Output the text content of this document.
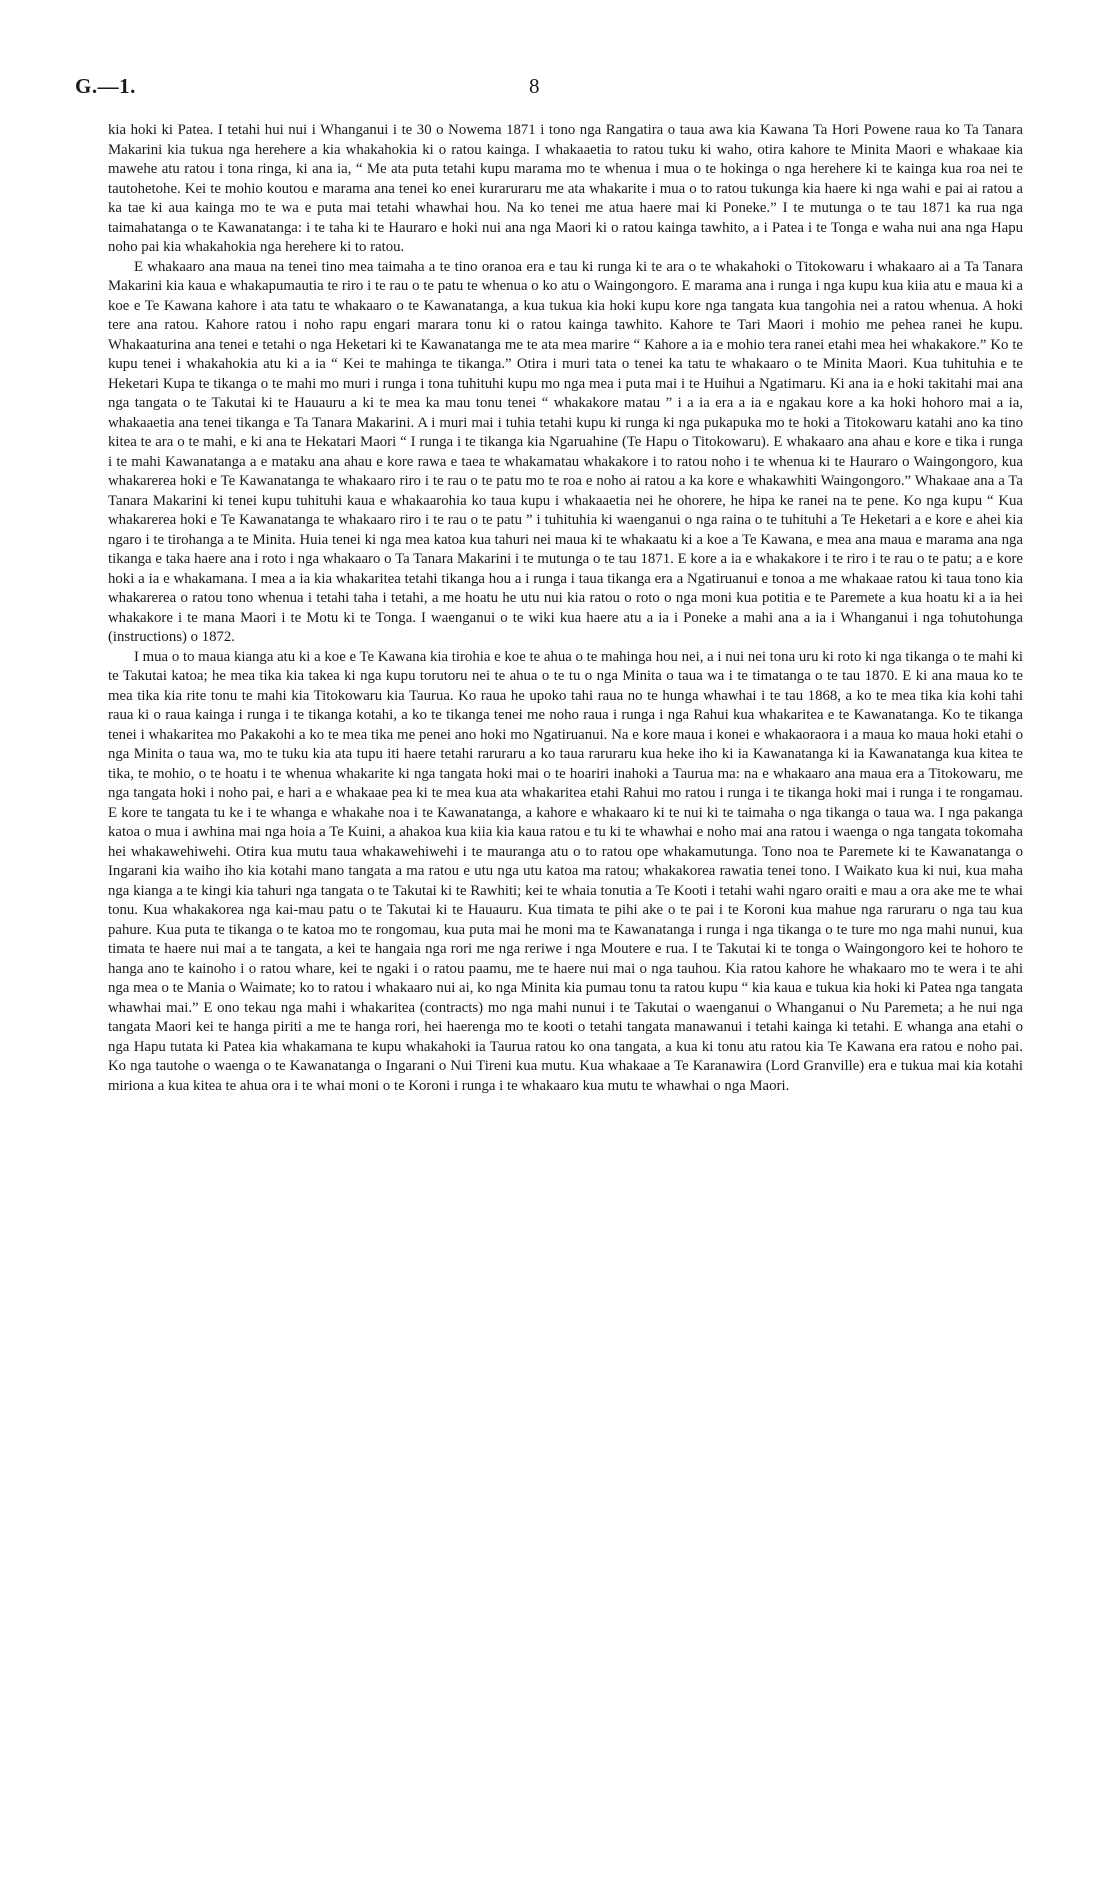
G.—1.	8

kia hoki ki Patea. I tetahi hui nui i Whanganui i te 30 o Nowema 1871 i tono nga Rangatira o taua awa kia Kawana Ta Hori Powene raua ko Ta Tanara Makarini kia tukua nga herehere a kia whakahokia ki o ratou kainga. I whakaaetia to ratou tuku ki waho, otira kahore te Minita Maori e whakaae kia mawehe atu ratou i tona ringa, ki ana ia, “ Me ata puta tetahi kupu marama mo te whenua i mua o te hokinga o nga herehere ki te kainga kua roa nei te tautohetohe. Kei te mohio koutou e marama ana tenei ko enei kuraruraru me ata whakarite i mua o to ratou tukunga kia haere ki nga wahi e pai ai ratou a ka tae ki aua kainga mo te wa e puta mai tetahi whawhai hou. Na ko tenei me atua haere mai ki Poneke.” I te mutunga o te tau 1871 ka rua nga taimahatanga o te Kawanatanga: i te taha ki te Hauraro e hoki nui ana nga Maori ki o ratou kainga tawhito, a i Patea i te Tonga e waha nui ana nga Hapu noho pai kia whakahokia nga herehere ki to ratou.

E whakaaro ana maua na tenei tino mea taimaha a te tino oranoa era e tau ki runga ki te ara o te whakahoki o Titokowaru i whakaaro ai a Ta Tanara Makarini kia kaua e whakapumautia te riro i te rau o te patu te whenua o ko atu o Waingongoro. E marama ana i runga i nga kupu kua kiia atu e maua ki a koe e Te Kawana kahore i ata tatu te whakaaro o te Kawanatanga, a kua tukua kia hoki kupu kore nga tangata kua tangohia nei a ratou whenua. A hoki tere ana ratou. Kahore ratou i noho rapu engari marara tonu ki o ratou kainga tawhito. Kahore te Tari Maori i mohio me pehea ranei he kupu. Whakaaturina ana tenei e tetahi o nga Heketari ki te Kawanatanga me te ata mea marire “ Kahore a ia e mohio tera ranei etahi mea hei whakakore.” Ko te kupu tenei i whakahokia atu ki a ia “ Kei te mahinga te tikanga.” Otira i muri tata o tenei ka tatu te whakaaro o te Minita Maori. Kua tuhituhia e te Heketari Kupa te tikanga o te mahi mo muri i runga i tona tuhituhi kupu mo nga mea i puta mai i te Huihui a Ngatimaru. Ki ana ia e hoki takitahi mai ana nga tangata o te Takutai ki te Hauauru a ki te mea ka mau tonu tenei “ whakakore matau ” i a ia era a ia e ngakau kore a ka hoki hohoro mai a ia, whakaaetia ana tenei tikanga e Ta Tanara Makarini. A i muri mai i tuhia tetahi kupu ki runga ki nga pukapuka mo te hoki a Titokowaru katahi ano ka tino kitea te ara o te mahi, e ki ana te Hekatari Maori “ I runga i te tikanga kia Ngaruahine (Te Hapu o Titokowaru). E whakaaro ana ahau e kore e tika i runga i te mahi Kawanatanga a e mataku ana ahau e kore rawa e taea te whakamatau whakakore i to ratou noho i te whenua ki te Hauraro o Waingongoro, kua whakarerea hoki e Te Kawanatanga te whakaaro riro i te rau o te patu mo te roa e noho ai ratou a ka kore e whakawhiti Waingongoro.” Whakaae ana a Ta Tanara Makarini ki tenei kupu tuhituhi kaua e whakaarohia ko taua kupu i whakaaetia nei he ohorere, he hipa ke ranei na te pene. Ko nga kupu “ Kua whakarerea hoki e Te Kawanatanga te whakaaro riro i te rau o te patu ” i tuhituhia ki waenganui o nga raina o te tuhituhi a Te Heketari a e kore e ahei kia ngaro i te tirohanga a te Minita. Huia tenei ki nga mea katoa kua tahuri nei maua ki te whakaatu ki a koe a Te Kawana, e mea ana maua e marama ana nga tikanga e taka haere ana i roto i nga whakaaro o Ta Tanara Makarini i te mutunga o te tau 1871. E kore a ia e whakakore i te riro i te rau o te patu; a e kore hoki a ia e whakamana. I mea a ia kia whakaritea tetahi tikanga hou a i runga i taua tikanga era a Ngatiruanui e tonoa a me whakaae ratou ki taua tono kia whakarerea o ratou tono whenua i tetahi taha i tetahi, a me hoatu he utu nui kia ratou o roto o nga moni kua potitia e te Paremete a kua hoatu ki a ia hei whakakore i te mana Maori i te Motu ki te Tonga. I waenganui o te wiki kua haere atu a ia i Poneke a mahi ana a ia i Whanganui i nga tohutohunga (instructions) o 1872.

I mua o to maua kianga atu ki a koe e Te Kawana kia tirohia e koe te ahua o te mahinga hou nei, a i nui nei tona uru ki roto ki nga tikanga o te mahi ki te Takutai katoa; he mea tika kia takea ki nga kupu torutoru nei te ahua o te tu o nga Minita o taua wa i te timatanga o te tau 1870. E ki ana maua ko te mea tika kia rite tonu te mahi kia Titokowaru kia Taurua. Ko raua he upoko tahi raua no te hunga whawhai i te tau 1868, a ko te mea tika kia kohi tahi raua ki o raua kainga i runga i te tikanga kotahi, a ko te tikanga tenei me noho raua i runga i nga Rahui kua whakaritea e te Kawanatanga. Ko te tikanga tenei i whakaritea mo Pakakohi a ko te mea tika me penei ano hoki mo Ngatiruanui. Na e kore maua i konei e whakaoraora i a maua ko maua hoki etahi o nga Minita o taua wa, mo te tuku kia ata tupu iti haere tetahi raruraru a ko taua raruraru kua heke iho ki ia Kawanatanga ki ia Kawanatanga kua kitea te tika, te mohio, o te hoatu i te whenua whakarite ki nga tangata hoki mai o te hoariri inahoki a Taurua ma: na e whakaaro ana maua era a Titokowaru, me nga tangata hoki i noho pai, e hari a e whakaae pea ki te mea kua ata whakaritea etahi Rahui mo ratou i runga i te tikanga hoki mai i runga i te rongamau. E kore te tangata tu ke i te whanga e whakahe noa i te Kawanatanga, a kahore e whakaaro ki te nui ki te taimaha o nga tikanga o taua wa. I nga pakanga katoa o mua i awhina mai nga hoia a Te Kuini, a ahakoa kua kiia kia kaua ratou e tu ki te whawhai e noho mai ana ratou i waenga o nga tangata tokomaha hei whakawehiwehi. Otira kua mutu taua whakawehiwehi i te mauranga atu o to ratou ope whakamutunga. Tono noa te Paremete ki te Kawanatanga o Ingarani kia waiho iho kia kotahi mano tangata a ma ratou e utu nga utu katoa ma ratou; whakakorea rawatia tenei tono. I Waikato kua ki nui, kua maha nga kianga a te kingi kia tahuri nga tangata o te Takutai ki te Rawhiti; kei te whaia tonutia a Te Kooti i tetahi wahi ngaro oraiti e mau a ora ake me te whai tonu. Kua whakakorea nga kai-mau patu o te Takutai ki te Hauauru. Kua timata te pihi ake o te pai i te Koroni kua mahue nga raruraru o nga tau kua pahure. Kua puta te tikanga o te katoa mo te rongomau, kua puta mai he moni ma te Kawanatanga i runga i nga tikanga o te ture mo nga mahi nunui, kua timata te haere nui mai a te tangata, a kei te hangaia nga rori me nga reriwe i nga Moutere e rua. I te Takutai ki te tonga o Waingongoro kei te hohoro te hanga ano te kainoho i o ratou whare, kei te ngaki i o ratou paamu, me te haere nui mai o nga tauhou. Kia ratou kahore he whakaaro mo te wera i te ahi nga mea o te Mania o Waimate; ko to ratou i whakaaro nui ai, ko nga Minita kia pumau tonu ta ratou kupu “ kia kaua e tukua kia hoki ki Patea nga tangata whawhai mai.” E ono tekau nga mahi i whakaritea (contracts) mo nga mahi nunui i te Takutai o waenganui o Whanganui o Nu Paremeta; a he nui nga tangata Maori kei te hanga piriti a me te hanga rori, hei haerenga mo te kooti o tetahi tangata manawanui i tetahi kainga ki tetahi. E whanga ana etahi o nga Hapu tutata ki Patea kia whakamana te kupu whakahoki ia Taurua ratou ko ona tangata, a kua ki tonu atu ratou kia Te Kawana era ratou e noho pai. Ko nga tautohe o waenga o te Kawanatanga o Ingarani o Nui Tireni kua mutu. Kua whakaae a Te Karanawira (Lord Granville) era e tukua mai kia kotahi miriona a kua kitea te ahua ora i te whai moni o te Koroni i runga i te whakaaro kua mutu te whawhai o nga Maori.
